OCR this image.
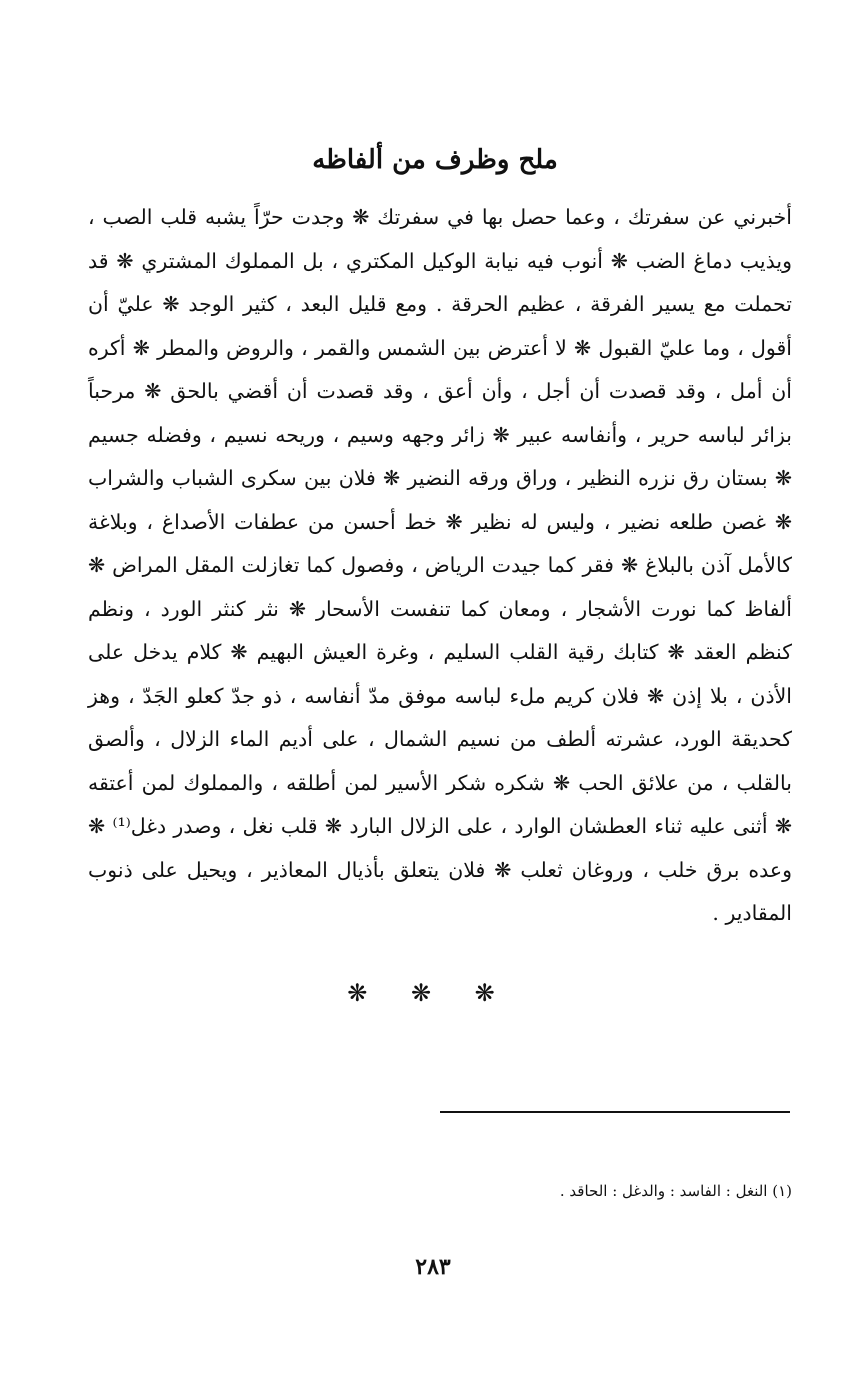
ملح وظرف من ألفاظه

أخبرني عن سفرتك ، وعما حصل بها في سفرتك ❋ وجدت حرّاً يشبه قلب الصب ، ويذيب دماغ الضب ❋ أنوب فيه نيابة الوكيل المكتري ، بل المملوك المشتري ❋ قد تحملت مع يسير الفرقة ، عظيم الحرقة . ومع قليل البعد ، كثير الوجد ❋ عليّ أن أقول ، وما عليّ القبول ❋ لا أعترض بين الشمس والقمر ، والروض والمطر ❋ أكره أن أمل ، وقد قصدت أن أجل ، وأن أعق ، وقد قصدت أن أقضي بالحق ❋ مرحباً بزائر لباسه حرير ، وأنفاسه عبير ❋ زائر وجهه وسيم ، وريحه نسيم ، وفضله جسيم ❋ بستان رق نزره النظير ، وراق ورقه النضير ❋ فلان بين سكرى الشباب والشراب ❋ غصن طلعه نضير ، وليس له نظير ❋ خط أحسن من عطفات الأصداغ ، وبلاغة كالأمل آذن بالبلاغ ❋ فقر كما جيدت الرياض ، وفصول كما تغازلت المقل المراض ❋ ألفاظ كما نورت الأشجار ، ومعان كما تنفست الأسحار ❋ نثر كنثر الورد ، ونظم كنظم العقد ❋ كتابك رقية القلب السليم ، وغرة العيش البهيم ❋ كلام يدخل على الأذن ، بلا إذن ❋ فلان كريم ملء لباسه موفق مدّ أنفاسه ، ذو جدّ كعلو الجَدّ ، وهز كحديقة الورد، عشرته ألطف من نسيم الشمال ، على أديم الماء الزلال ، وألصق بالقلب ، من علائق الحب ❋ شكره شكر الأسير لمن أطلقه ، والمملوك لمن أعتقه ❋ أثنى عليه ثناء العطشان الوارد ، على الزلال البارد ❋ قلب نغل ، وصدر دغل⁽¹⁾ ❋ وعده برق خلب ، وروغان ثعلب ❋ فلان يتعلق بأذيال المعاذير ، ويحيل على ذنوب المقادير .

❋ ❋ ❋

(١) النغل : الفاسد : والدغل : الحاقد .

٢٨٣
